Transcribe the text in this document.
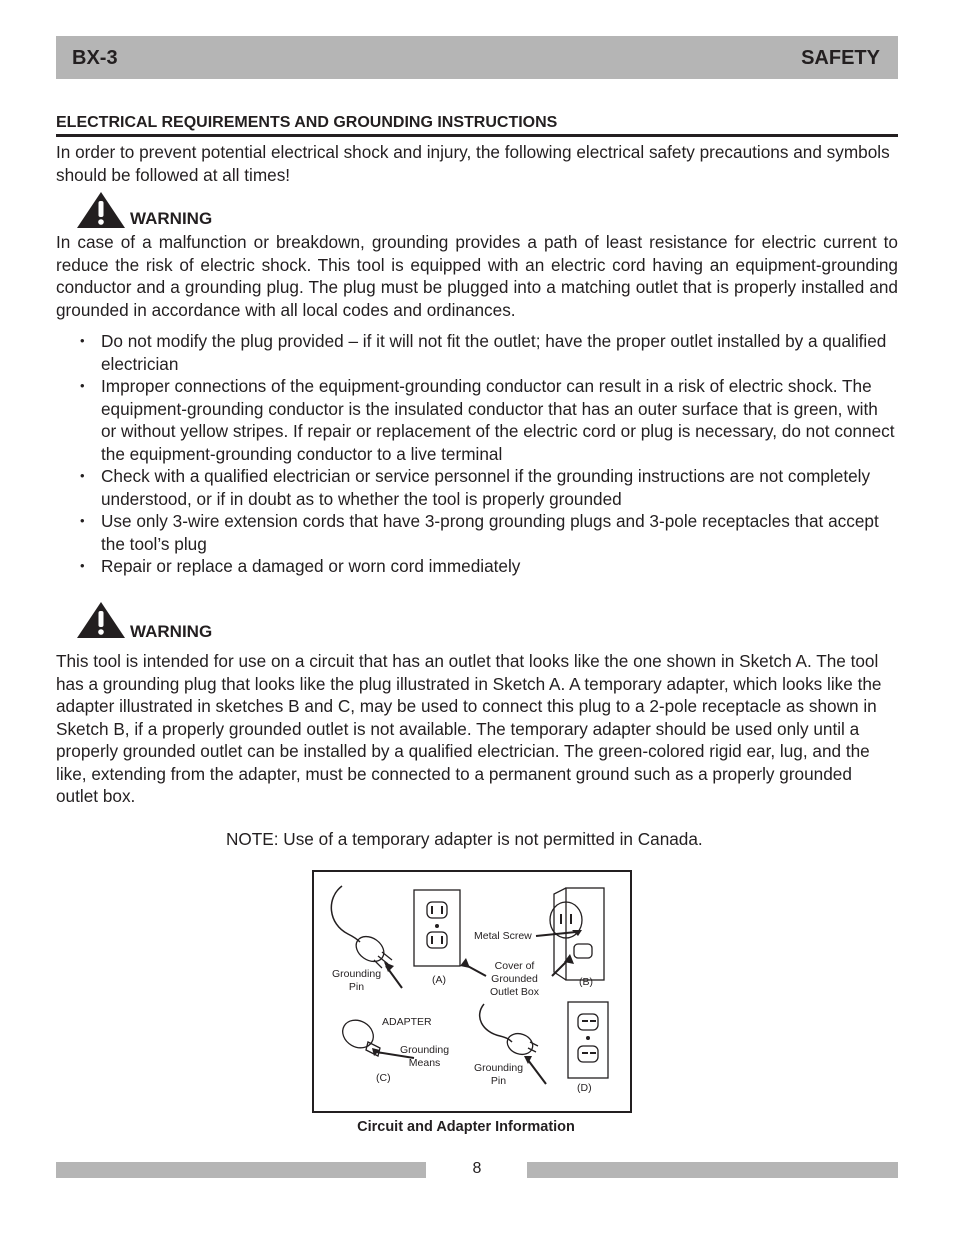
BX-3	SAFETY
ELECTRICAL REQUIREMENTS AND GROUNDING INSTRUCTIONS

In order to prevent potential electrical shock and injury, the following electrical safety precautions and symbols should be followed at all times!

WARNING

In case of a malfunction or breakdown, grounding provides a path of least resistance for electric current to reduce the risk of electric shock. This tool is equipped with an electric cord having an equipment-grounding conductor and a grounding plug. The plug must be plugged into a matching outlet that is properly installed and grounded in accordance with all local codes and ordinances.

• Do not modify the plug provided – if it will not fit the outlet; have the proper outlet installed by a qualified electrician
• Improper connections of the equipment-grounding conductor can result in a risk of electric shock. The equipment-grounding conductor is the insulated conductor that has an outer surface that is green, with or without yellow stripes. If repair or replacement of the electric cord or plug is necessary, do not connect the equipment-grounding conductor to a live terminal
• Check with a qualified electrician or service personnel if the grounding instructions are not completely understood, or if in doubt as to whether the tool is properly grounded
• Use only 3-wire extension cords that have 3-prong grounding plugs and 3-pole receptacles that accept the tool’s plug
• Repair or replace a damaged or worn cord immediately
WARNING

This tool is intended for use on a circuit that has an outlet that looks like the one shown in Sketch A. The tool has a grounding plug that looks like the plug illustrated in Sketch A. A temporary adapter, which looks like the adapter illustrated in sketches B and C, may be used to connect this plug to a 2-pole receptacle as shown in Sketch B, if a properly grounded outlet is not available. The temporary adapter should be used only until a properly grounded outlet can be installed by a qualified electrician. The green-colored rigid ear, lug, and the like, extending from the adapter, must be connected to a permanent ground such as a properly grounded outlet box.

NOTE: Use of a temporary adapter is not permitted in Canada.
Grounding
Pin
(A)
Metal Screw
Cover of
Grounded
Outlet Box
(B)
ADAPTER
Grounding
Means
(C)
Grounding
Pin
(D)
Circuit and Adapter Information
8
